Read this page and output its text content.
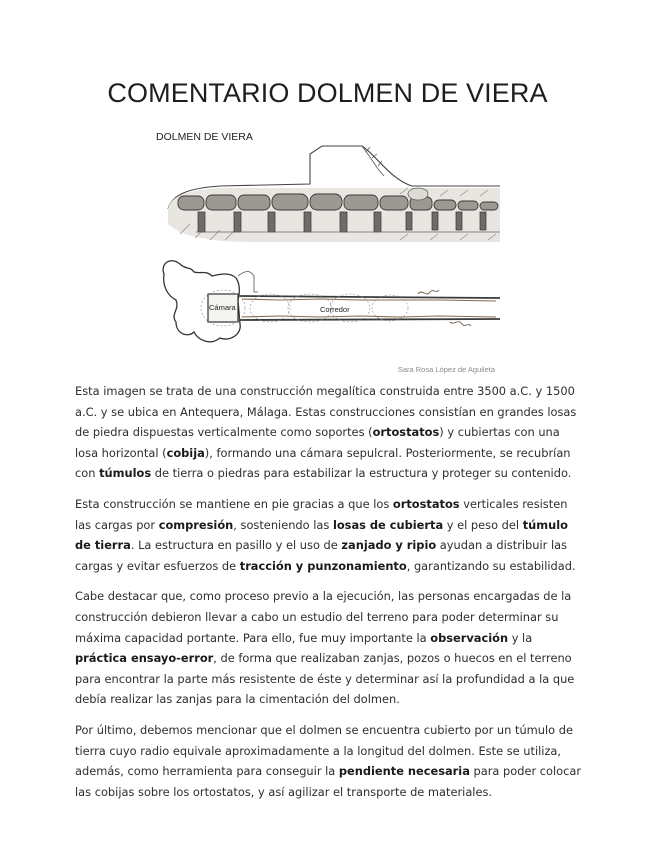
COMENTARIO DOLMEN DE VIERA
DOLMEN DE VIERA
Cámara	Corredor
Sara Rosa López de Aguileta

Esta imagen se trata de una construcción megalítica construida entre 3500 a.C. y 1500 a.C. y se ubica en Antequera, Málaga. Estas construcciones consistían en grandes losas de piedra dispuestas verticalmente como soportes (ortostatos) y cubiertas con una losa horizontal (cobija), formando una cámara sepulcral. Posteriormente, se recubrían con túmulos de tierra o piedras para estabilizar la estructura y proteger su contenido.

Esta construcción se mantiene en pie gracias a que los ortostatos verticales resisten las cargas por compresión, sosteniendo las losas de cubierta y el peso del túmulo de tierra. La estructura en pasillo y el uso de zanjado y ripio ayudan a distribuir las cargas y evitar esfuerzos de tracción y punzonamiento, garantizando su estabilidad.

Cabe destacar que, como proceso previo a la ejecución, las personas encargadas de la construcción debieron llevar a cabo un estudio del terreno para poder determinar su máxima capacidad portante. Para ello, fue muy importante la observación y la práctica ensayo-error, de forma que realizaban zanjas, pozos o huecos en el terreno para encontrar la parte más resistente de éste y determinar así la profundidad a la que debía realizar las zanjas para la cimentación del dolmen.

Por último, debemos mencionar que el dolmen se encuentra cubierto por un túmulo de tierra cuyo radio equivale aproximadamente a la longitud del dolmen. Este se utiliza, además, como herramienta para conseguir la pendiente necesaria para poder colocar las cobijas sobre los ortostatos, y así agilizar el transporte de materiales.
